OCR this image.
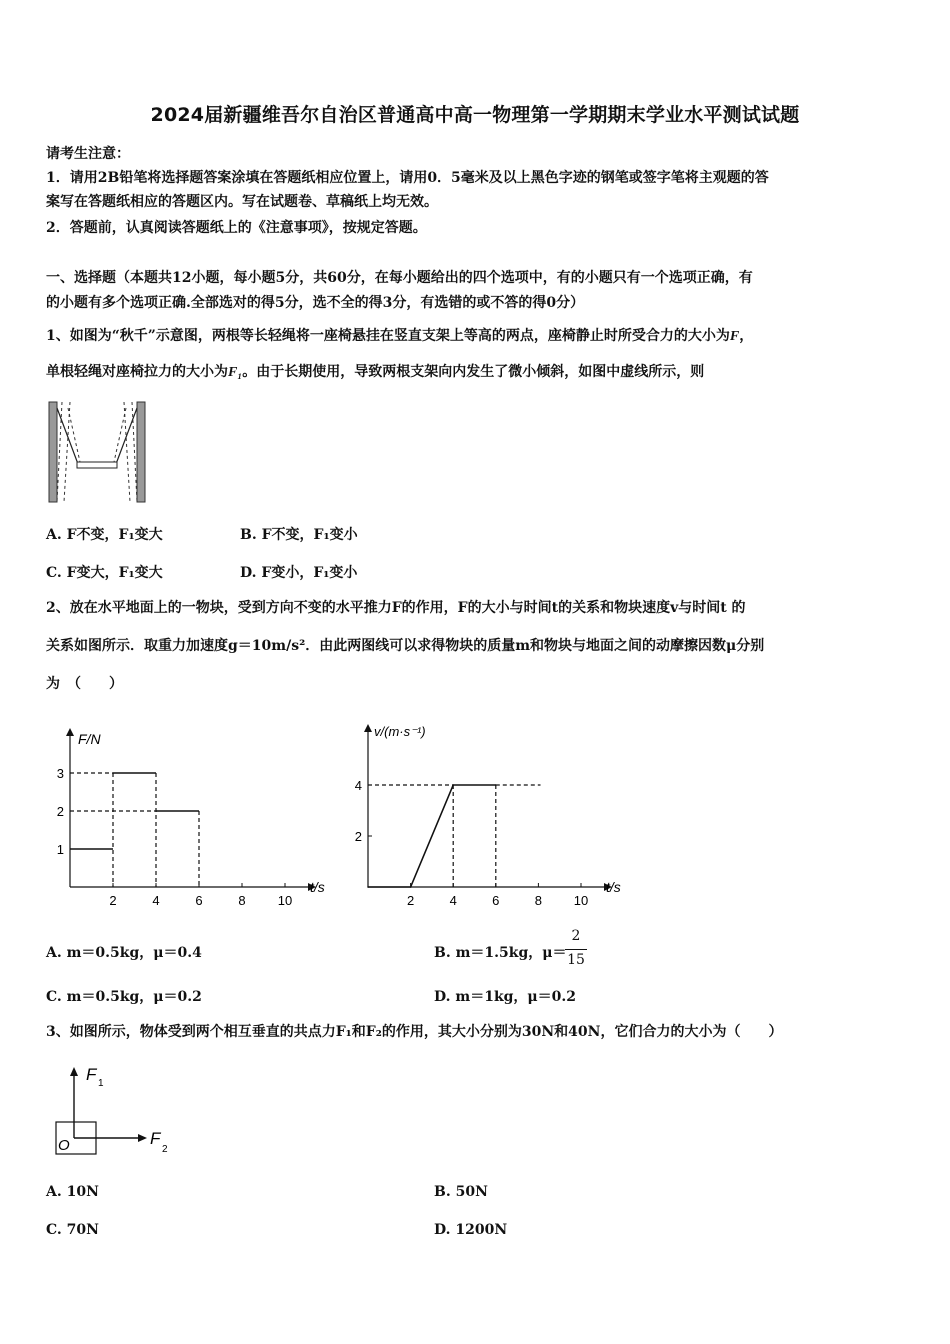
2024届新疆维吾尔自治区普通高中高一物理第一学期期末学业水平测试试题
请考生注意：
1．请用2B铅笔将选择题答案涂填在答题纸相应位置上，请用0．5毫米及以上黑色字迹的钢笔或签字笔将主观题的答
案写在答题纸相应的答题区内。写在试题卷、草稿纸上均无效。
2．答题前，认真阅读答题纸上的《注意事项》，按规定答题。
一、选择题（本题共12小题，每小题5分，共60分，在每小题给出的四个选项中，有的小题只有一个选项正确，有
的小题有多个选项正确.全部选对的得5分，选不全的得3分，有选错的或不答的得0分）
1、如图为“秋千”示意图，两根等长轻绳将一座椅悬挂在竖直支架上等高的两点，座椅静止时所受合力的大小为F，
单根轻绳对座椅拉力的大小为F₁。由于长期使用，导致两根支架向内发生了微小倾斜，如图中虚线所示，则
A. F不变，F₁变大	B. F不变，F₁变小
C. F变大，F₁变大	D. F变小，F₁变小
2、放在水平地面上的一物块，受到方向不变的水平推力F的作用，F的大小与时间t的关系和物块速度v与时间t 的
关系如图所示．取重力加速度g＝10m/s²．由此两图线可以求得物块的质量m和物块与地面之间的动摩擦因数μ分别
为　（　　）
F/N
t/s
2	4	6	8 10
1
2
3
v/(m·s⁻¹)
t/s
2	4	6	8 10
2
4
A. m＝0.5kg，μ＝0.4	B. m＝1.5kg，μ＝
2
15
C. m＝0.5kg，μ＝0.2	D. m＝1kg，μ＝0.2
3、如图所示，物体受到两个相互垂直的共点力F₁和F₂的作用，其大小分别为30N和40N，它们合力的大小为（　　）
O
F 1
F
2
A. 10N	B. 50N
C. 70N	D. 1200N
